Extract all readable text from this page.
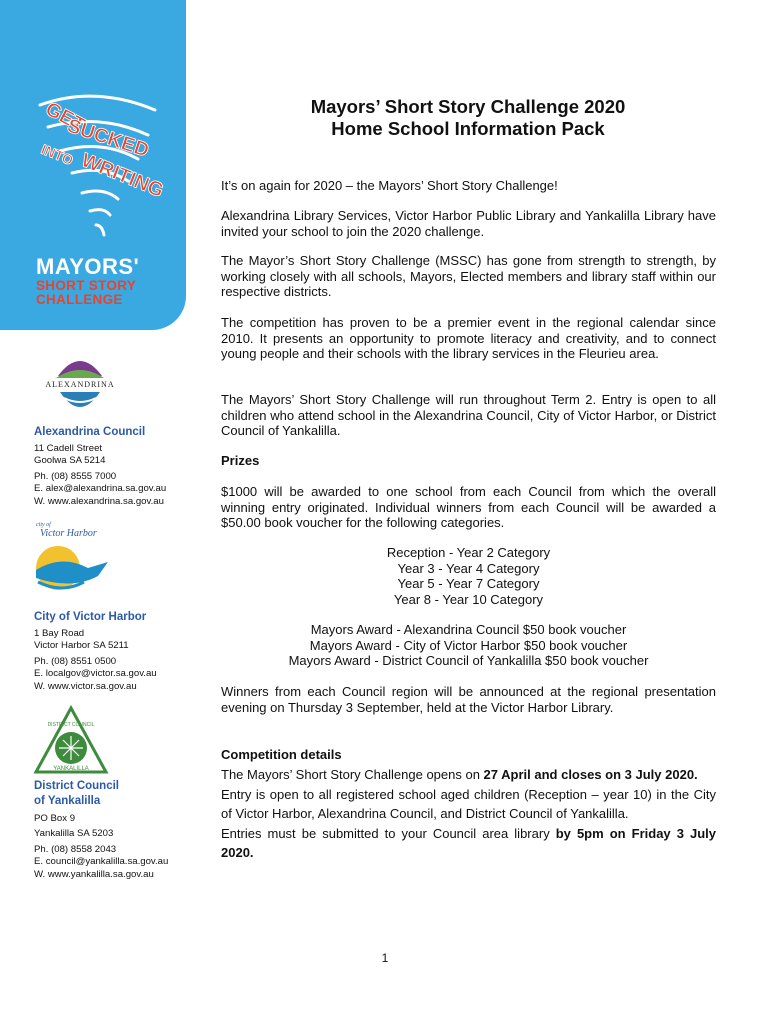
GET
SUCKED
INTO WRITING
MAYORS'
SHORT STORY
CHALLENGE
ALEXANDRINA
Alexandrina Council
11 Cadell Street
Goolwa SA 5214
Ph. (08) 8555 7000
E. alex@alexandrina.sa.gov.au
W. www.alexandrina.sa.gov.au
city of
Victor Harbor
City of Victor Harbor
1 Bay Road
Victor Harbor SA 5211
Ph. (08) 8551 0500
E. localgov@victor.sa.gov.au
W. www.victor.sa.gov.au
DISTRICT COUNCIL
YANKALILLA
District Council
of Yankalilla
PO Box 9
Yankalilla SA 5203
Ph. (08) 8558 2043
E. council@yankalilla.sa.gov.au
W. www.yankalilla.sa.gov.au
Mayors’ Short Story Challenge 2020
Home School Information Pack
It’s on again for 2020 – the Mayors’ Short Story Challenge!
Alexandrina Library Services, Victor Harbor Public Library and Yankalilla Library have invited your school to join the 2020 challenge.
The Mayor’s Short Story Challenge (MSSC) has gone from strength to strength, by working closely with all schools, Mayors, Elected members and library staff within our respective districts.
The competition has proven to be a premier event in the regional calendar since 2010. It presents an opportunity to promote literacy and creativity, and to connect young people and their schools with the library services in the Fleurieu area.
The Mayors’ Short Story Challenge will run throughout Term 2. Entry is open to all children who attend school in the Alexandrina Council, City of Victor Harbor, or District Council of Yankalilla.
Prizes
$1000 will be awarded to one school from each Council from which the overall winning entry originated. Individual winners from each Council will be awarded a $50.00 book voucher for the following categories.
Reception - Year 2 Category
Year 3 - Year 4 Category
Year 5 - Year 7 Category
Year 8 - Year 10 Category
Mayors Award - Alexandrina Council $50 book voucher
Mayors Award - City of Victor Harbor $50 book voucher
Mayors Award - District Council of Yankalilla $50 book voucher
Winners from each Council region will be announced at the regional presentation evening on Thursday 3 September, held at the Victor Harbor Library.
Competition details
The Mayors’ Short Story Challenge opens on 27 April and closes on 3 July 2020.
Entry is open to all registered school aged children (Reception – year 10) in the City of Victor Harbor, Alexandrina Council, and District Council of Yankalilla.
Entries must be submitted to your Council area library by 5pm on Friday 3 July 2020.
1
